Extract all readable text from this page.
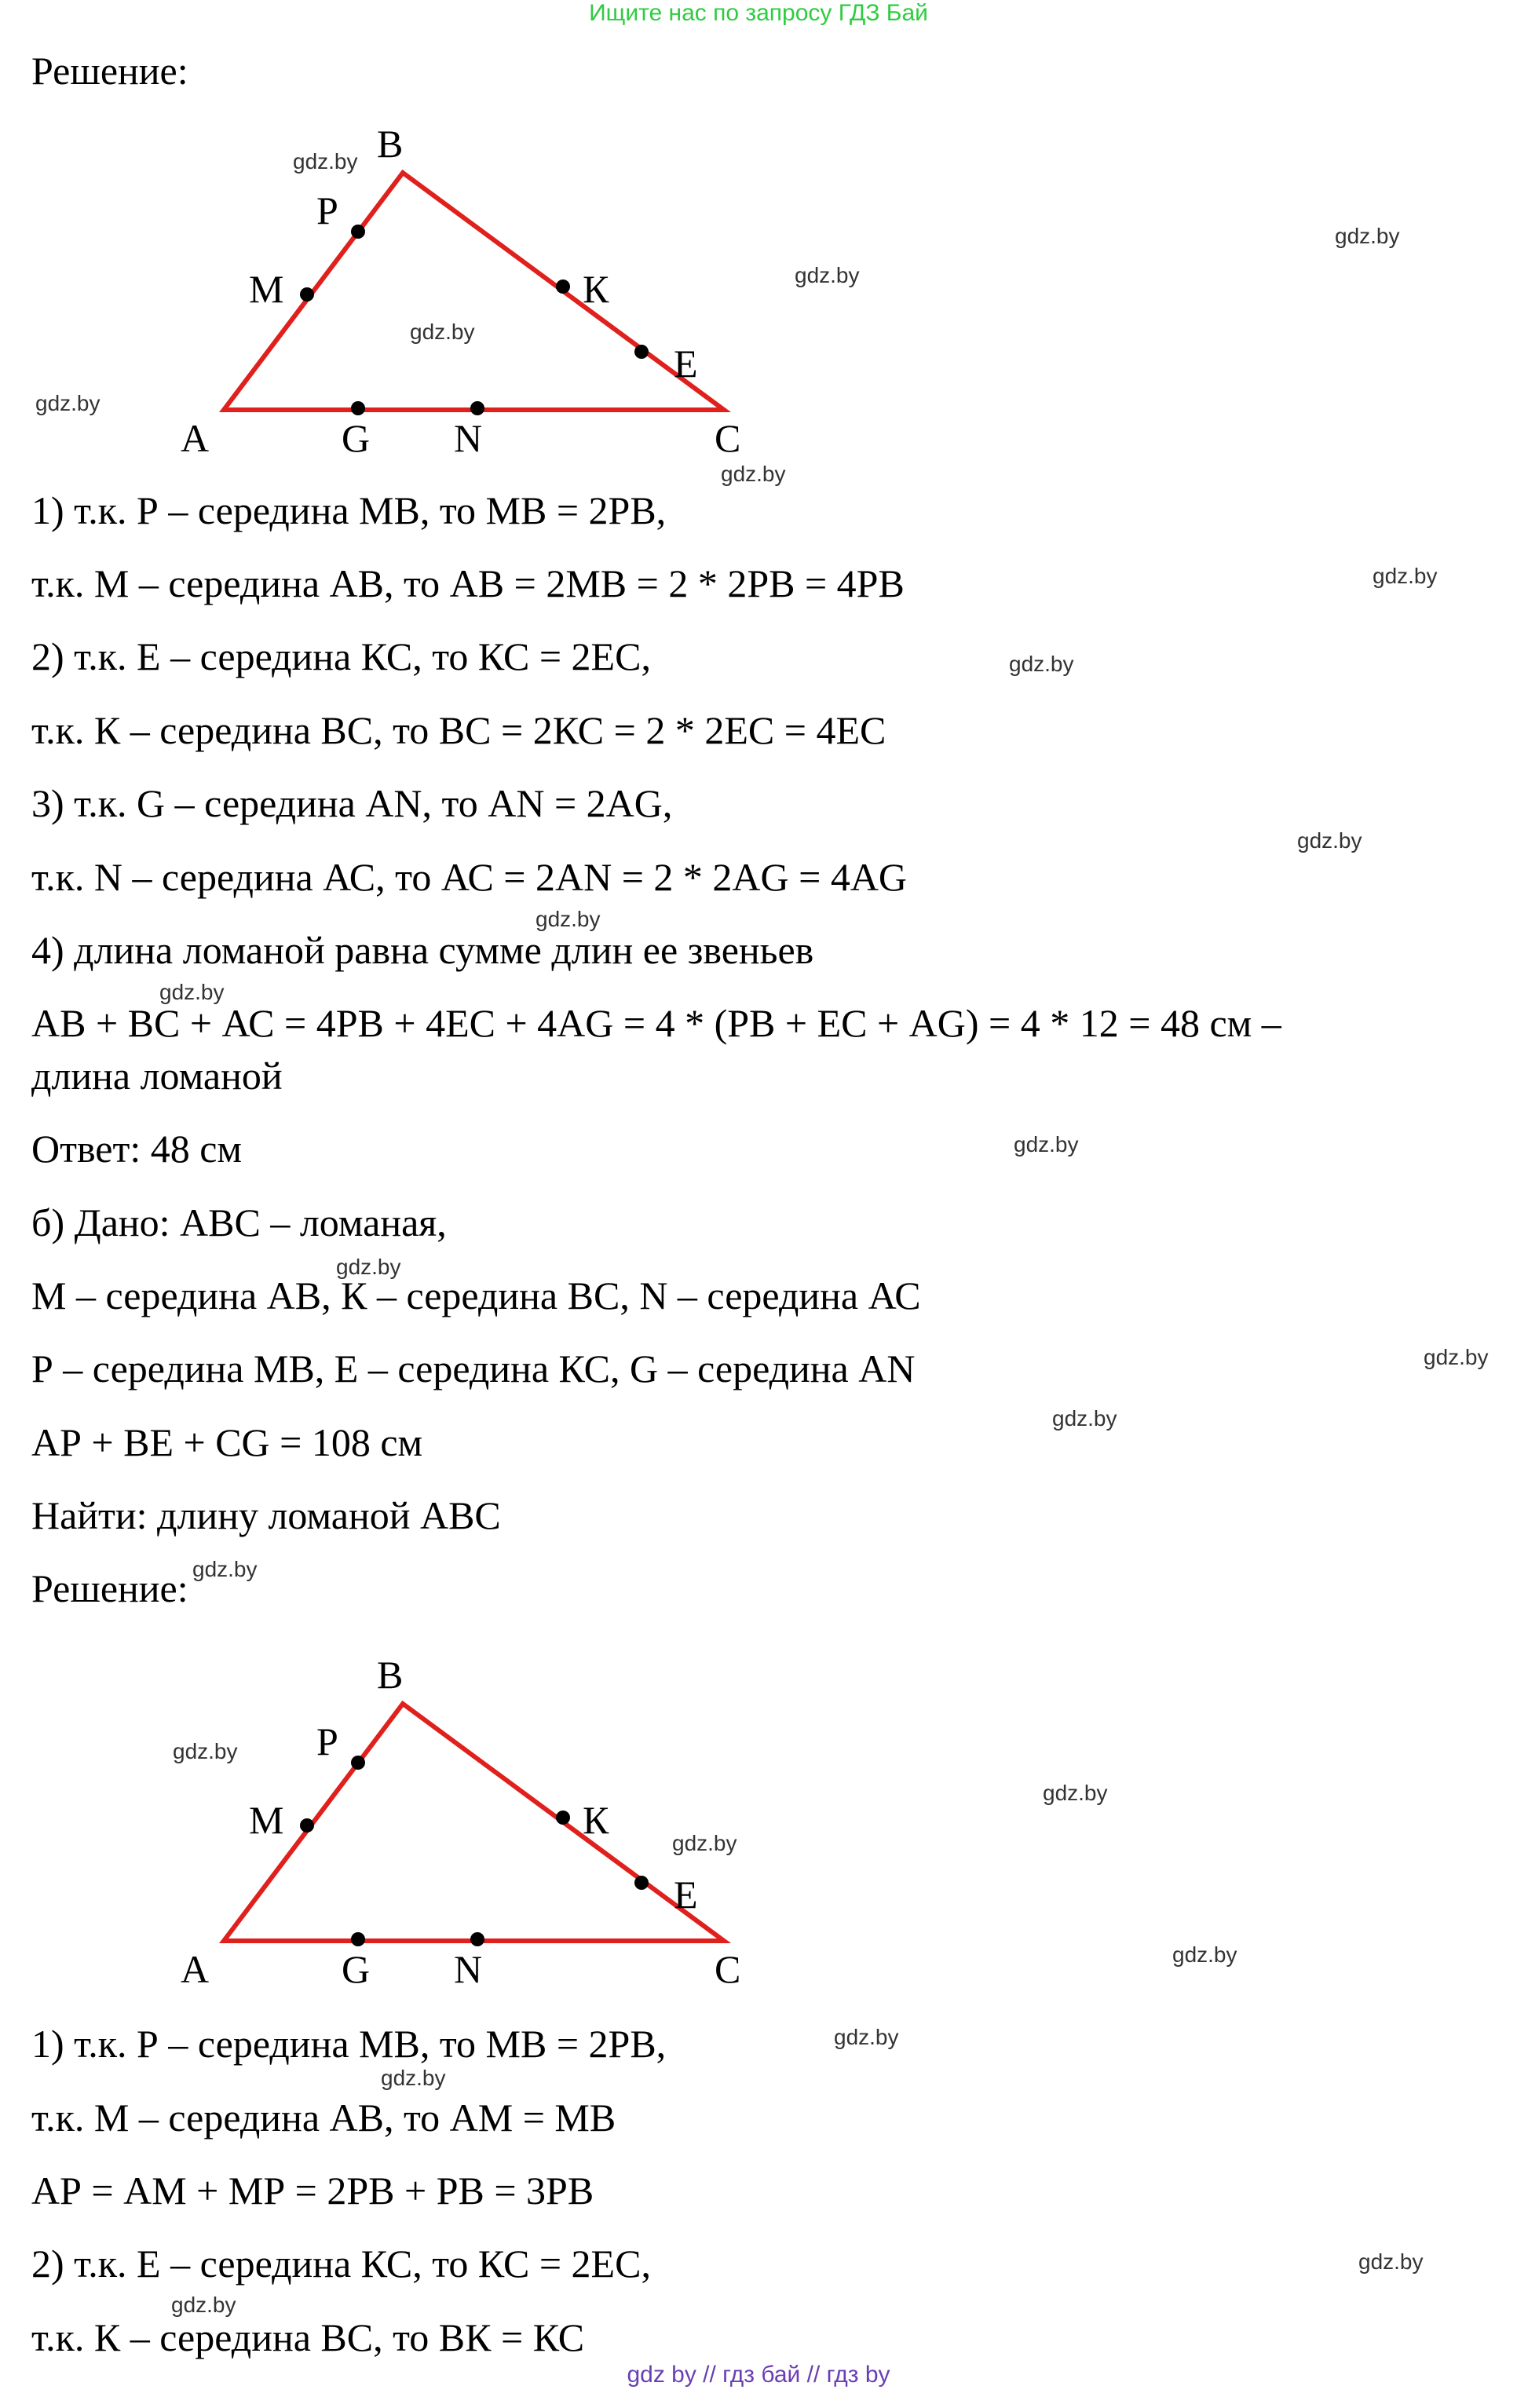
Ищите нас по запросу ГДЗ Бай
Решение:
B
P
M	К
E
A	G N	C
1) т.к. Р – середина МВ, то МВ = 2РВ,
т.к. М – середина АВ, то АВ = 2МВ = 2 * 2РВ = 4РВ
2) т.к. Е – середина КС, то КС = 2ЕС,
т.к. К – середина ВС, то ВС = 2КС = 2 * 2ЕС = 4ЕС
3) т.к. G – середина AN, то AN = 2AG,
т.к. N – середина АС, то АС = 2AN = 2 * 2AG = 4AG
4) длина ломаной равна сумме длин ее звеньев
АВ + ВС + АС = 4РВ + 4ЕС + 4AG = 4 * (РВ + ЕС + AG) = 4 * 12 = 48 см –
длина ломаной
Ответ: 48 см
б) Дано: АВС – ломаная,
М – середина АВ, К – середина ВС, N – середина АС
Р – середина МВ, Е – середина КС, G – середина AN
АР + ВЕ + CG = 108 см
Найти: длину ломаной АВС
Решение:
B
P
M	К
E
A	G N	C
1) т.к. Р – середина МВ, то МВ = 2РВ,
т.к. М – середина АВ, то АМ = МВ
АР = АМ + МР = 2РВ + РВ = 3РВ
2) т.к. Е – середина КС, то КС = 2ЕС,
т.к. К – середина ВС, то ВК = КС
gdz.by
gdz.by
gdz.by
gdz.by
gdz.by
gdz.by
gdz.by
gdz.by
gdz.by
gdz.by
gdz.by
gdz.by
gdz.by
gdz.by
gdz.by
gdz.by
gdz.by
gdz.by
gdz.by
gdz.by
gdz.by
gdz.by
gdz.by
gdz.by
gdz by // гдз бай // гдз by
